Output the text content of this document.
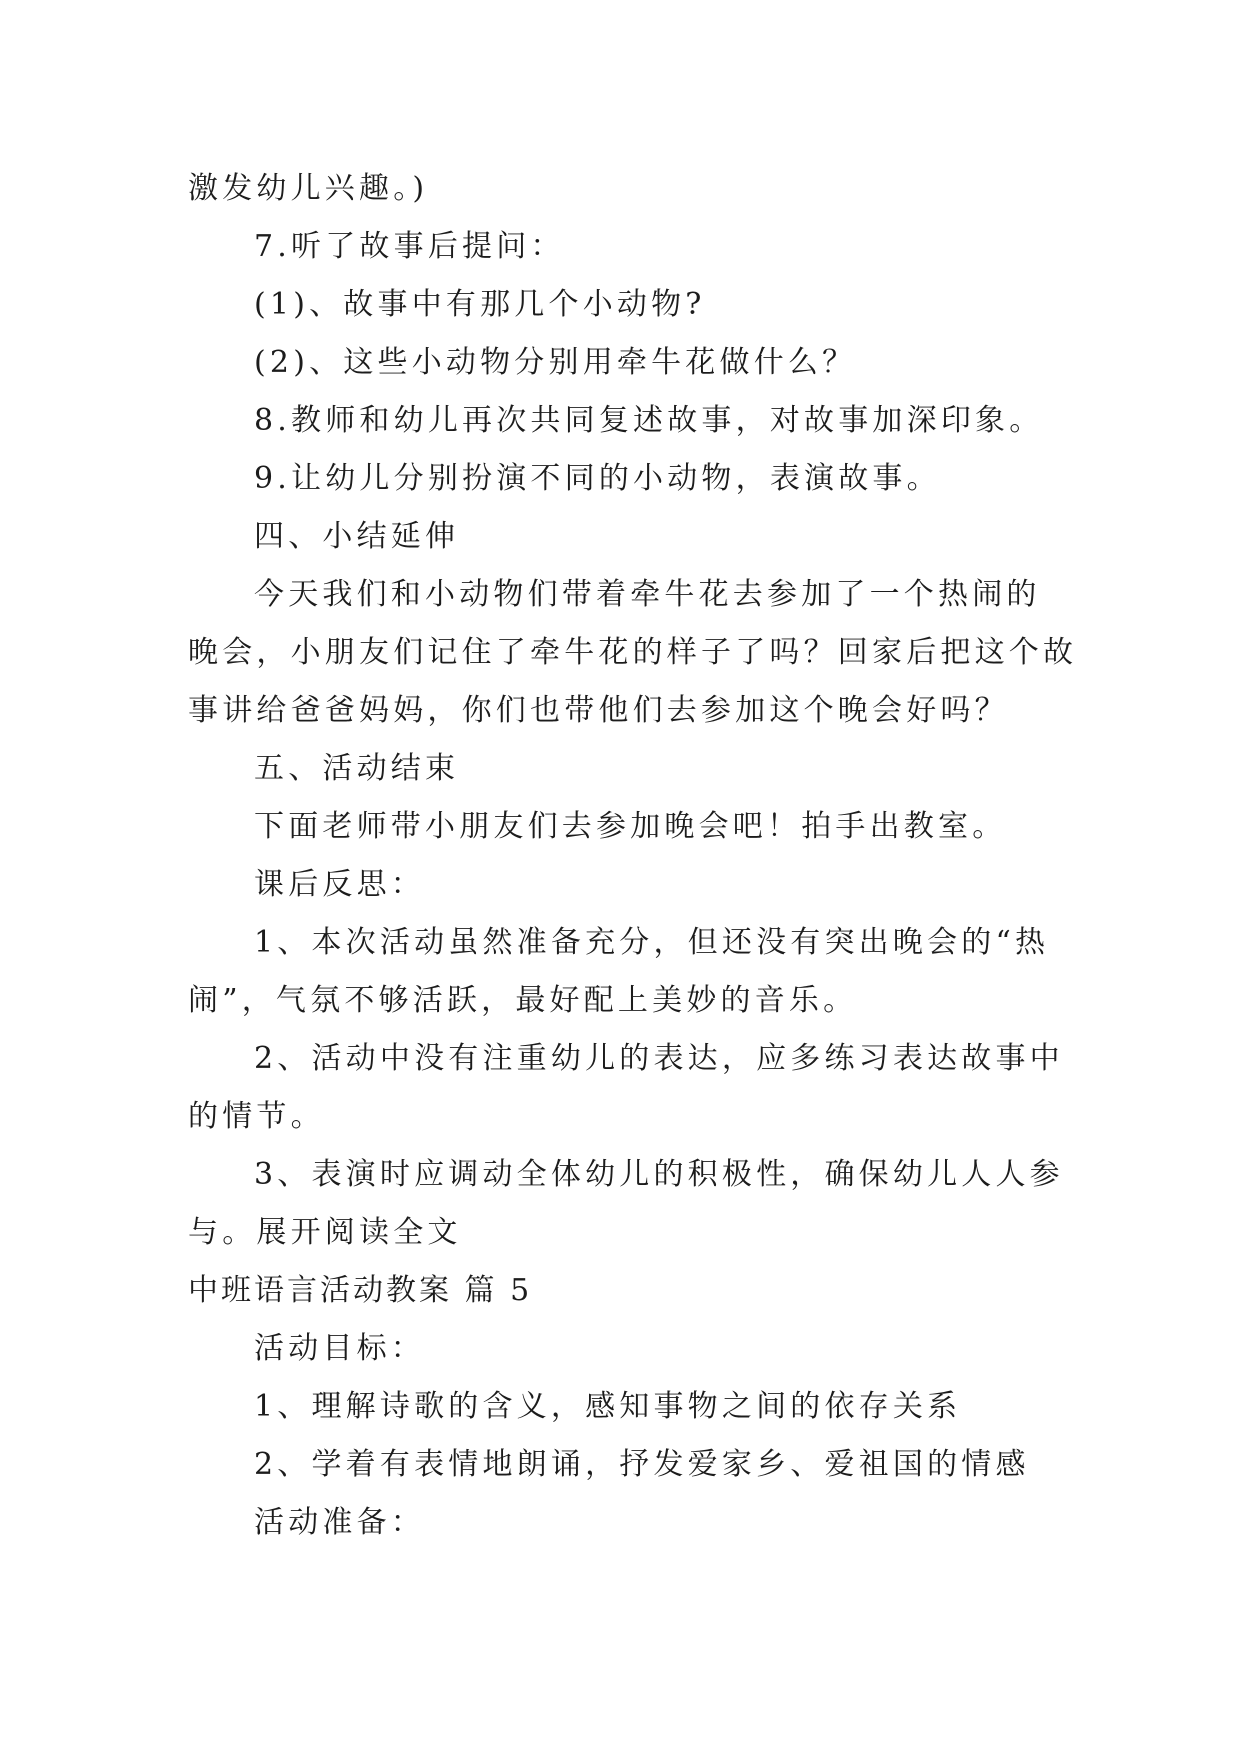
激发幼儿兴趣。)

7.听了故事后提问：

(1)、故事中有那几个小动物?

(2)、这些小动物分别用牵牛花做什么？

8.教师和幼儿再次共同复述故事，对故事加深印象。

9.让幼儿分别扮演不同的小动物，表演故事。

四、小结延伸

今天我们和小动物们带着牵牛花去参加了一个热闹的

晚会，小朋友们记住了牵牛花的样子了吗？回家后把这个故

事讲给爸爸妈妈，你们也带他们去参加这个晚会好吗？

五、活动结束

下面老师带小朋友们去参加晚会吧！拍手出教室。

课后反思：

1、本次活动虽然准备充分，但还没有突出晚会的“热

闹”，气氛不够活跃，最好配上美妙的音乐。

2、活动中没有注重幼儿的表达，应多练习表达故事中

的情节。

3、表演时应调动全体幼儿的积极性，确保幼儿人人参

与。展开阅读全文

中班语言活动教案 篇 5

活动目标：

1、理解诗歌的含义，感知事物之间的依存关系

2、学着有表情地朗诵，抒发爱家乡、爱祖国的情感

活动准备：
